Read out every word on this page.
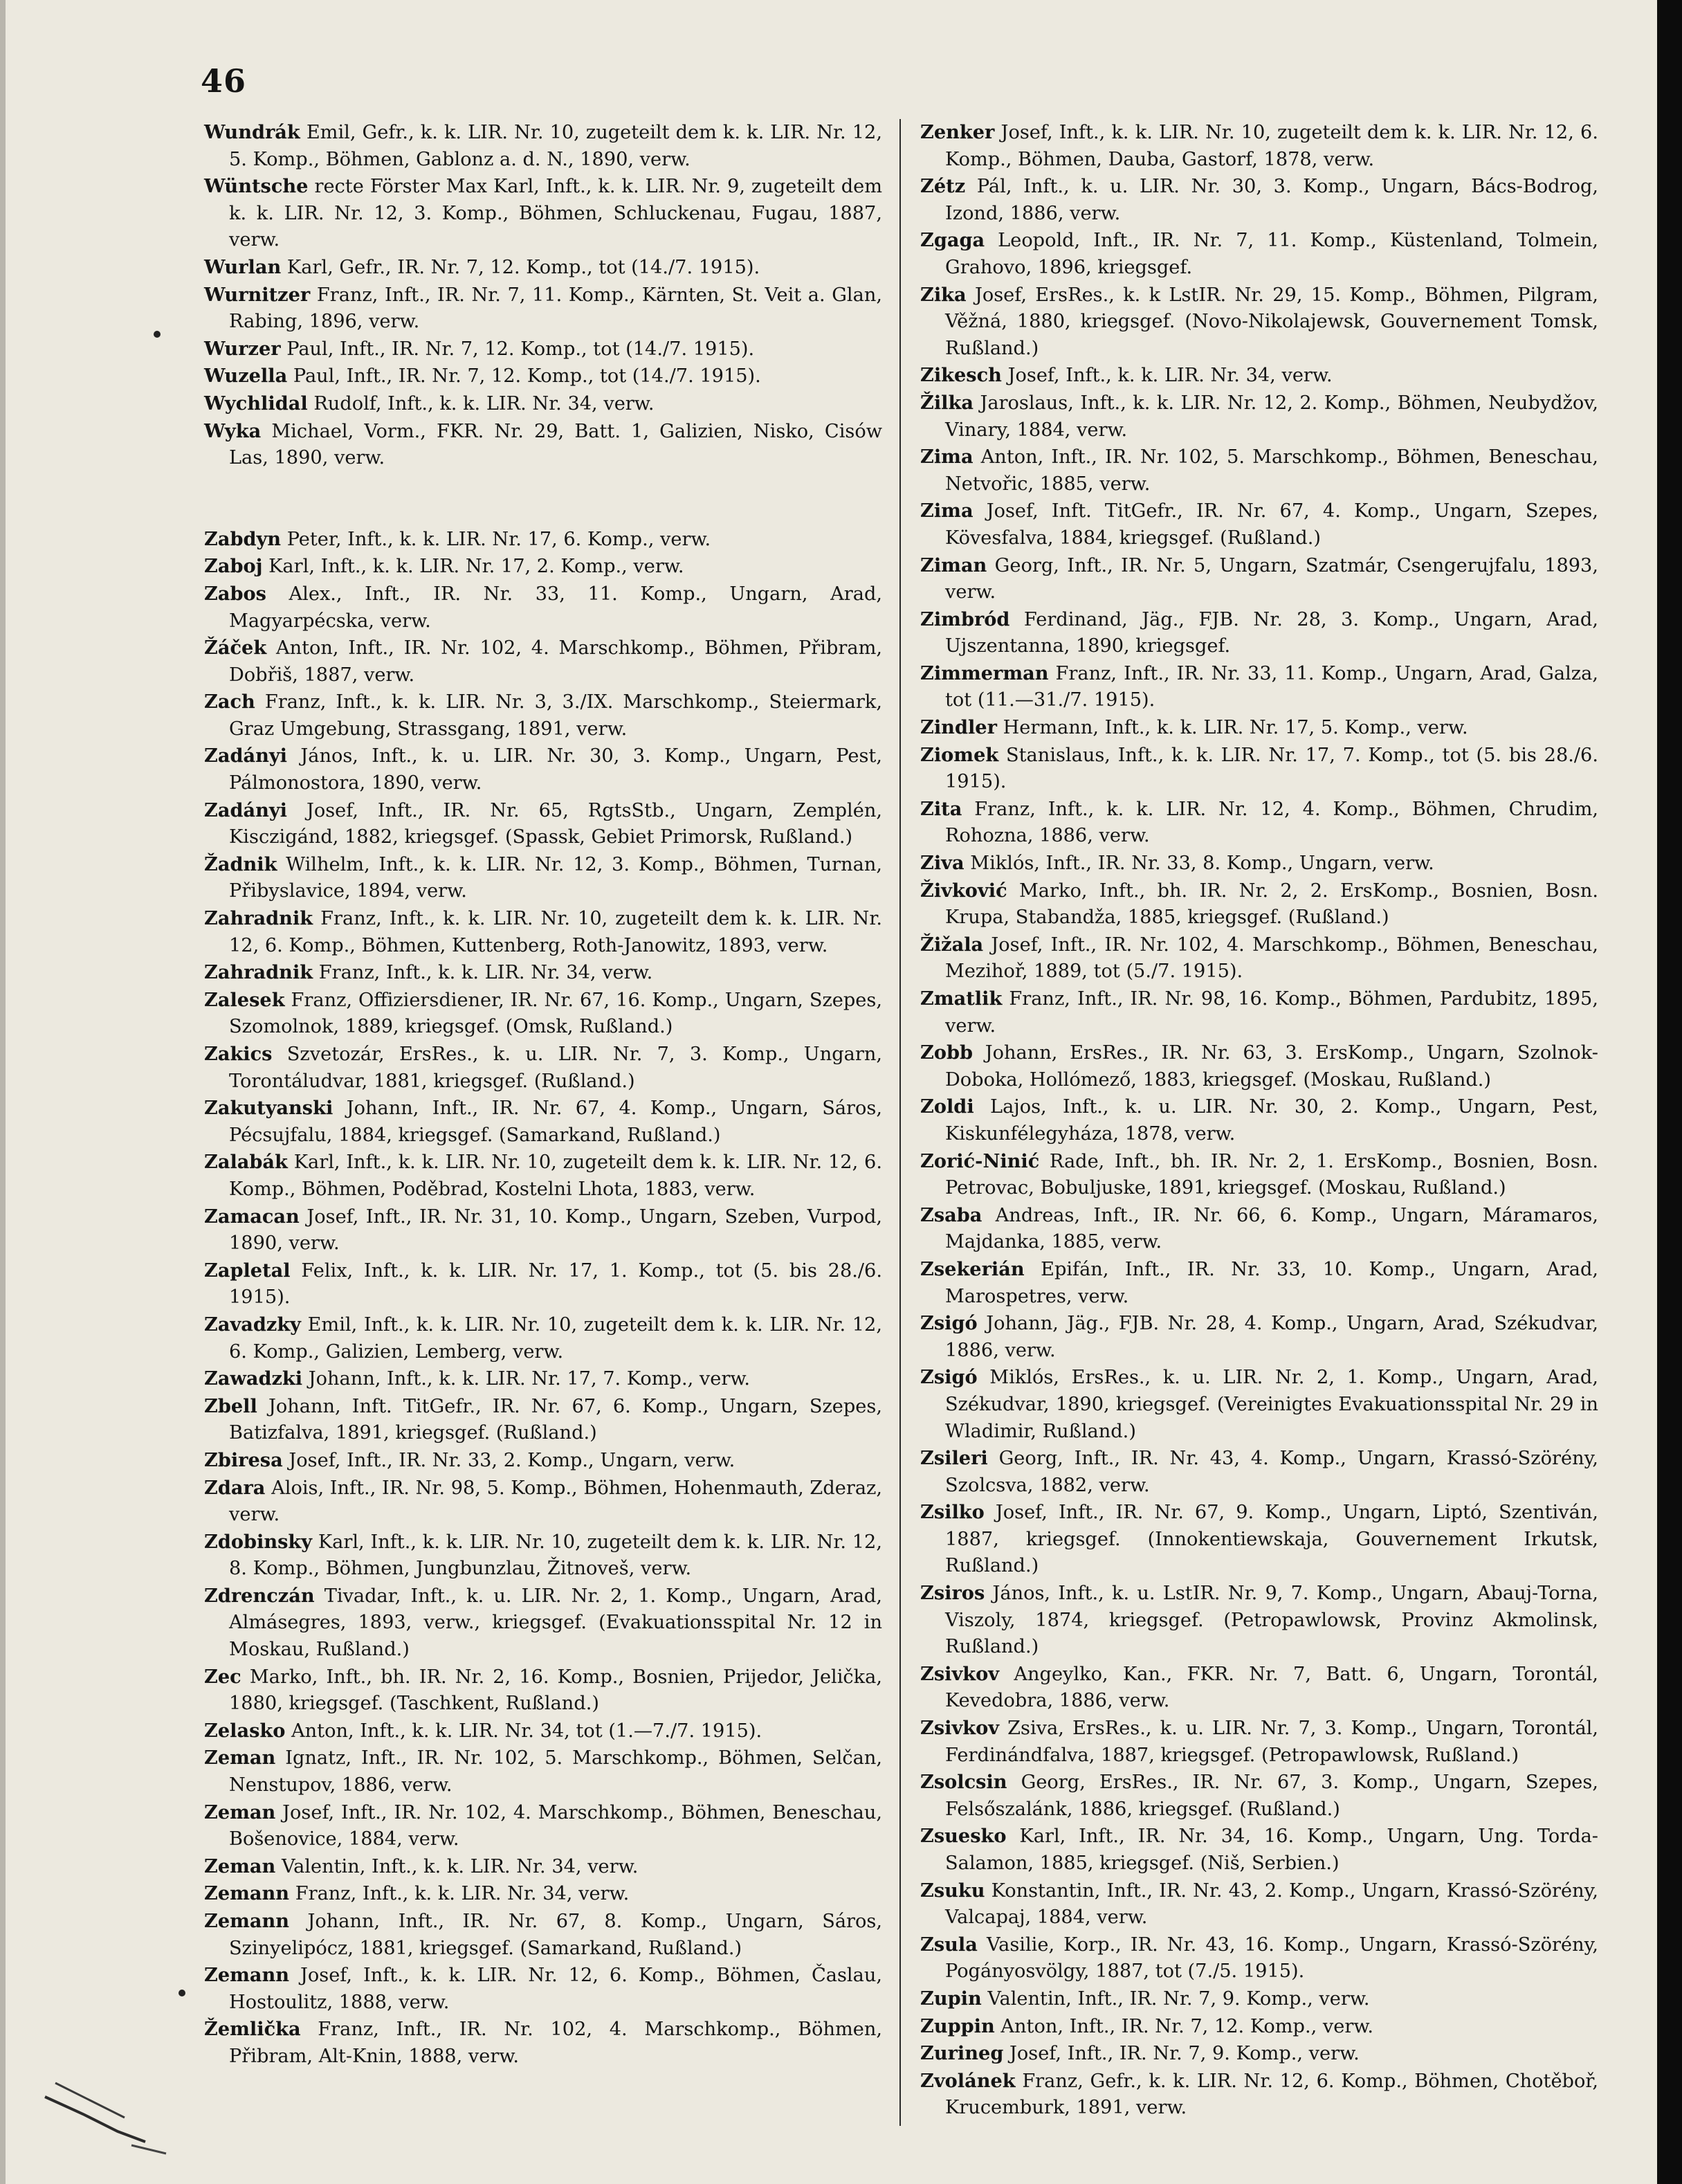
46

Wundrák Emil, Gefr., k. k. LIR. Nr. 10, zugeteilt dem k. k. LIR. Nr. 12, 5. Komp., Böhmen, Gablonz a. d. N., 1890, verw.

Wüntsche recte Förster Max Karl, Inft., k. k. LIR. Nr. 9, zugeteilt dem k. k. LIR. Nr. 12, 3. Komp., Böhmen, Schluckenau, Fugau, 1887, verw.

Wurlan Karl, Gefr., IR. Nr. 7, 12. Komp., tot (14./7. 1915).

Wurnitzer Franz, Inft., IR. Nr. 7, 11. Komp., Kärnten, St. Veit a. Glan, Rabing, 1896, verw.

Wurzer Paul, Inft., IR. Nr. 7, 12. Komp., tot (14./7. 1915).

Wuzella Paul, Inft., IR. Nr. 7, 12. Komp., tot (14./7. 1915).

Wychlidal Rudolf, Inft., k. k. LIR. Nr. 34, verw.

Wyka Michael, Vorm., FKR. Nr. 29, Batt. 1, Galizien, Nisko, Cisów Las, 1890, verw.

Zabdyn Peter, Inft., k. k. LIR. Nr. 17, 6. Komp., verw.

Zaboj Karl, Inft., k. k. LIR. Nr. 17, 2. Komp., verw.

Zabos Alex., Inft., IR. Nr. 33, 11. Komp., Ungarn, Arad, Magyarpécska, verw.

Žáček Anton, Inft., IR. Nr. 102, 4. Marschkomp., Böhmen, Přibram, Dobřiš, 1887, verw.

Zach Franz, Inft., k. k. LIR. Nr. 3, 3./IX. Marschkomp., Steiermark, Graz Umgebung, Strassgang, 1891, verw.

Zadányi János, Inft., k. u. LIR. Nr. 30, 3. Komp., Ungarn, Pest, Pálmonostora, 1890, verw.

Zadányi Josef, Inft., IR. Nr. 65, RgtsStb., Ungarn, Zemplén, Kisczigánd, 1882, kriegsgef. (Spassk, Gebiet Primorsk, Rußland.)

Žadnik Wilhelm, Inft., k. k. LIR. Nr. 12, 3. Komp., Böhmen, Turnan, Přibyslavice, 1894, verw.

Zahradnik Franz, Inft., k. k. LIR. Nr. 10, zugeteilt dem k. k. LIR. Nr. 12, 6. Komp., Böhmen, Kuttenberg, Roth-Janowitz, 1893, verw.

Zahradnik Franz, Inft., k. k. LIR. Nr. 34, verw.

Zalesek Franz, Offiziersdiener, IR. Nr. 67, 16. Komp., Ungarn, Szepes, Szomolnok, 1889, kriegsgef. (Omsk, Rußland.)

Zakics Szvetozár, ErsRes., k. u. LIR. Nr. 7, 3. Komp., Ungarn, Torontáludvar, 1881, kriegsgef. (Rußland.)

Zakutyanski Johann, Inft., IR. Nr. 67, 4. Komp., Ungarn, Sáros, Pécsujfalu, 1884, kriegsgef. (Samarkand, Rußland.)

Zalabák Karl, Inft., k. k. LIR. Nr. 10, zugeteilt dem k. k. LIR. Nr. 12, 6. Komp., Böhmen, Poděbrad, Kostelni Lhota, 1883, verw.

Zamacan Josef, Inft., IR. Nr. 31, 10. Komp., Ungarn, Szeben, Vurpod, 1890, verw.

Zapletal Felix, Inft., k. k. LIR. Nr. 17, 1. Komp., tot (5. bis 28./6. 1915).

Zavadzky Emil, Inft., k. k. LIR. Nr. 10, zugeteilt dem k. k. LIR. Nr. 12, 6. Komp., Galizien, Lemberg, verw.

Zawadzki Johann, Inft., k. k. LIR. Nr. 17, 7. Komp., verw.

Zbell Johann, Inft. TitGefr., IR. Nr. 67, 6. Komp., Ungarn, Szepes, Batizfalva, 1891, kriegsgef. (Rußland.)

Zbiresa Josef, Inft., IR. Nr. 33, 2. Komp., Ungarn, verw.

Zdara Alois, Inft., IR. Nr. 98, 5. Komp., Böhmen, Hohenmauth, Zderaz, verw.

Zdobinsky Karl, Inft., k. k. LIR. Nr. 10, zugeteilt dem k. k. LIR. Nr. 12, 8. Komp., Böhmen, Jungbunzlau, Žitnoveš, verw.

Zdrenczán Tivadar, Inft., k. u. LIR. Nr. 2, 1. Komp., Ungarn, Arad, Almásegres, 1893, verw., kriegsgef. (Evakuationsspital Nr. 12 in Moskau, Rußland.)

Zec Marko, Inft., bh. IR. Nr. 2, 16. Komp., Bosnien, Prijedor, Jelička, 1880, kriegsgef. (Taschkent, Rußland.)

Zelasko Anton, Inft., k. k. LIR. Nr. 34, tot (1.—7./7. 1915).

Zeman Ignatz, Inft., IR. Nr. 102, 5. Marschkomp., Böhmen, Selčan, Nenstupov, 1886, verw.

Zeman Josef, Inft., IR. Nr. 102, 4. Marschkomp., Böhmen, Beneschau, Bošenovice, 1884, verw.

Zeman Valentin, Inft., k. k. LIR. Nr. 34, verw.

Zemann Franz, Inft., k. k. LIR. Nr. 34, verw.

Zemann Johann, Inft., IR. Nr. 67, 8. Komp., Ungarn, Sáros, Szinyelipócz, 1881, kriegsgef. (Samarkand, Rußland.)

Zemann Josef, Inft., k. k. LIR. Nr. 12, 6. Komp., Böhmen, Časlau, Hostoulitz, 1888, verw.

Žemlička Franz, Inft., IR. Nr. 102, 4. Marschkomp., Böhmen, Přibram, Alt-Knin, 1888, verw.

Zenker Josef, Inft., k. k. LIR. Nr. 10, zugeteilt dem k. k. LIR. Nr. 12, 6. Komp., Böhmen, Dauba, Gastorf, 1878, verw.

Zétz Pál, Inft., k. u. LIR. Nr. 30, 3. Komp., Ungarn, Bács-Bodrog, Izond, 1886, verw.

Zgaga Leopold, Inft., IR. Nr. 7, 11. Komp., Küstenland, Tolmein, Grahovo, 1896, kriegsgef.

Zika Josef, ErsRes., k. k LstIR. Nr. 29, 15. Komp., Böhmen, Pilgram, Věžná, 1880, kriegsgef. (Novo-Nikolajewsk, Gouvernement Tomsk, Rußland.)

Zikesch Josef, Inft., k. k. LIR. Nr. 34, verw.

Žilka Jaroslaus, Inft., k. k. LIR. Nr. 12, 2. Komp., Böhmen, Neubydžov, Vinary, 1884, verw.

Zima Anton, Inft., IR. Nr. 102, 5. Marschkomp., Böhmen, Beneschau, Netvořic, 1885, verw.

Zima Josef, Inft. TitGefr., IR. Nr. 67, 4. Komp., Ungarn, Szepes, Kövesfalva, 1884, kriegsgef. (Rußland.)

Ziman Georg, Inft., IR. Nr. 5, Ungarn, Szatmár, Csengerujfalu, 1893, verw.

Zimbród Ferdinand, Jäg., FJB. Nr. 28, 3. Komp., Ungarn, Arad, Ujszentanna, 1890, kriegsgef.

Zimmerman Franz, Inft., IR. Nr. 33, 11. Komp., Ungarn, Arad, Galza, tot (11.—31./7. 1915).

Zindler Hermann, Inft., k. k. LIR. Nr. 17, 5. Komp., verw.

Ziomek Stanislaus, Inft., k. k. LIR. Nr. 17, 7. Komp., tot (5. bis 28./6. 1915).

Zita Franz, Inft., k. k. LIR. Nr. 12, 4. Komp., Böhmen, Chrudim, Rohozna, 1886, verw.

Ziva Miklós, Inft., IR. Nr. 33, 8. Komp., Ungarn, verw.

Živković Marko, Inft., bh. IR. Nr. 2, 2. ErsKomp., Bosnien, Bosn. Krupa, Stabandža, 1885, kriegsgef. (Rußland.)

Žižala Josef, Inft., IR. Nr. 102, 4. Marschkomp., Böhmen, Beneschau, Mezihoř, 1889, tot (5./7. 1915).

Zmatlik Franz, Inft., IR. Nr. 98, 16. Komp., Böhmen, Pardubitz, 1895, verw.

Zobb Johann, ErsRes., IR. Nr. 63, 3. ErsKomp., Ungarn, Szolnok-Doboka, Hollómező, 1883, kriegsgef. (Moskau, Rußland.)

Zoldi Lajos, Inft., k. u. LIR. Nr. 30, 2. Komp., Ungarn, Pest, Kiskunfélegyháza, 1878, verw.

Zorić-Ninić Rade, Inft., bh. IR. Nr. 2, 1. ErsKomp., Bosnien, Bosn. Petrovac, Bobuljuske, 1891, kriegsgef. (Moskau, Rußland.)

Zsaba Andreas, Inft., IR. Nr. 66, 6. Komp., Ungarn, Máramaros, Majdanka, 1885, verw.

Zsekerián Epifán, Inft., IR. Nr. 33, 10. Komp., Ungarn, Arad, Marospetres, verw.

Zsigó Johann, Jäg., FJB. Nr. 28, 4. Komp., Ungarn, Arad, Székudvar, 1886, verw.

Zsigó Miklós, ErsRes., k. u. LIR. Nr. 2, 1. Komp., Ungarn, Arad, Székudvar, 1890, kriegsgef. (Vereinigtes Evakuationsspital Nr. 29 in Wladimir, Rußland.)

Zsileri Georg, Inft., IR. Nr. 43, 4. Komp., Ungarn, Krassó-Szörény, Szolcsva, 1882, verw.

Zsilko Josef, Inft., IR. Nr. 67, 9. Komp., Ungarn, Liptó, Szentiván, 1887, kriegsgef. (Innokentiewskaja, Gouvernement Irkutsk, Rußland.)

Zsiros János, Inft., k. u. LstIR. Nr. 9, 7. Komp., Ungarn, Abauj-Torna, Viszoly, 1874, kriegsgef. (Petropawlowsk, Provinz Akmolinsk, Rußland.)

Zsivkov Angeylko, Kan., FKR. Nr. 7, Batt. 6, Ungarn, Torontál, Kevedobra, 1886, verw.

Zsivkov Zsiva, ErsRes., k. u. LIR. Nr. 7, 3. Komp., Ungarn, Torontál, Ferdinándfalva, 1887, kriegsgef. (Petropawlowsk, Rußland.)

Zsolcsin Georg, ErsRes., IR. Nr. 67, 3. Komp., Ungarn, Szepes, Felsőszalánk, 1886, kriegsgef. (Rußland.)

Zsuesko Karl, Inft., IR. Nr. 34, 16. Komp., Ungarn, Ung. Torda-Salamon, 1885, kriegsgef. (Niš, Serbien.)

Zsuku Konstantin, Inft., IR. Nr. 43, 2. Komp., Ungarn, Krassó-Szörény, Valcapaj, 1884, verw.

Zsula Vasilie, Korp., IR. Nr. 43, 16. Komp., Ungarn, Krassó-Szörény, Pogányosvölgy, 1887, tot (7./5. 1915).

Zupin Valentin, Inft., IR. Nr. 7, 9. Komp., verw.

Zuppin Anton, Inft., IR. Nr. 7, 12. Komp., verw.

Zurineg Josef, Inft., IR. Nr. 7, 9. Komp., verw.

Zvolánek Franz, Gefr., k. k. LIR. Nr. 12, 6. Komp., Böhmen, Chotěboř, Krucemburk, 1891, verw.
